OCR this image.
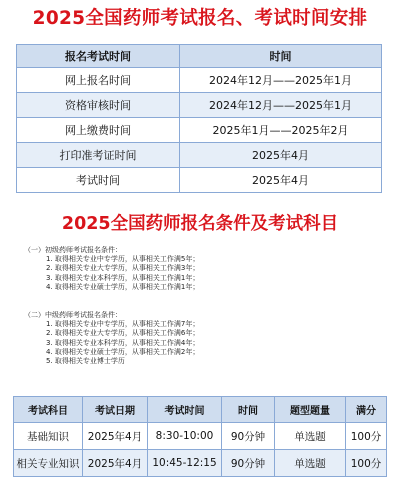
2025全国药师考试报名、考试时间安排
报名考试时间	时间
网上报名时间	2024年12月——2025年1月
资格审核时间	2024年12月——2025年1月
网上缴费时间	2025年1月——2025年2月
打印准考证时间	2025年4月
考试时间	2025年4月
2025全国药师报名条件及考试科目

（一）初级药师考试报名条件：

1. 取得相关专业中专学历，从事相关工作满5年；
2. 取得相关专业大专学历，从事相关工作满3年；
3. 取得相关专业本科学历，从事相关工作满1年；
4. 取得相关专业硕士学历，从事相关工作满1年；

（二）中级药师考试报名条件：

1. 取得相关专业中专学历，从事相关工作满7年；
2. 取得相关专业大专学历，从事相关工作满6年；
3. 取得相关专业本科学历，从事相关工作满4年；
4. 取得相关专业硕士学历，从事相关工作满2年；
5. 取得相关专业博士学历
考试科目	考试日期	考试时间	时间	题型题量	满分
基础知识	2025年4月	8:30-10:00	90分钟	单选题	100分
相关专业知识	2025年4月	10:45-12:15	90分钟	单选题	100分
